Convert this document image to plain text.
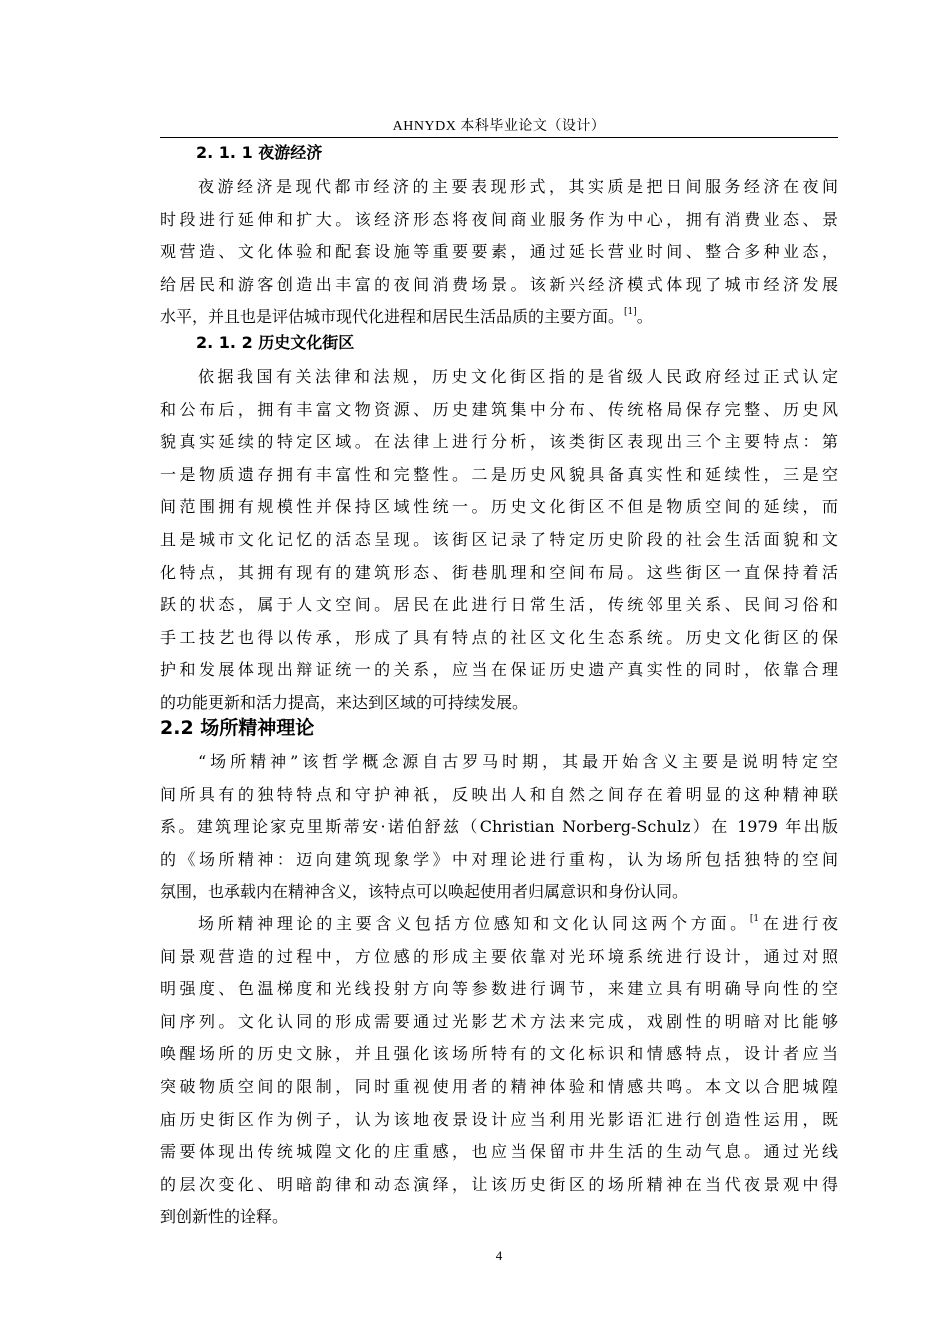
AHNYDX 本科毕业论文（设计）
2. 1. 1 夜游经济
夜游经济是现代都市经济的主要表现形式，其实质是把日间服务经济在夜间
时段进行延伸和扩大。该经济形态将夜间商业服务作为中心，拥有消费业态、景
观营造、文化体验和配套设施等重要要素，通过延长营业时间、整合多种业态，
给居民和游客创造出丰富的夜间消费场景。该新兴经济模式体现了城市经济发展
水平，并且也是评估城市现代化进程和居民生活品质的主要方面。[1]。
2. 1. 2 历史文化街区
依据我国有关法律和法规，历史文化街区指的是省级人民政府经过正式认定
和公布后，拥有丰富文物资源、历史建筑集中分布、传统格局保存完整、历史风
貌真实延续的特定区域。在法律上进行分析，该类街区表现出三个主要特点：第
一是物质遗存拥有丰富性和完整性。二是历史风貌具备真实性和延续性，三是空
间范围拥有规模性并保持区域性统一。历史文化街区不但是物质空间的延续，而
且是城市文化记忆的活态呈现。该街区记录了特定历史阶段的社会生活面貌和文
化特点，其拥有现有的建筑形态、街巷肌理和空间布局。这些街区一直保持着活
跃的状态，属于人文空间。居民在此进行日常生活，传统邻里关系、民间习俗和
手工技艺也得以传承，形成了具有特点的社区文化生态系统。历史文化街区的保
护和发展体现出辩证统一的关系，应当在保证历史遗产真实性的同时，依靠合理
的功能更新和活力提高，来达到区域的可持续发展。
2.2 场所精神理论
“场所精神”该哲学概念源自古罗马时期，其最开始含义主要是说明特定空
间所具有的独特特点和守护神祇，反映出人和自然之间存在着明显的这种精神联
系。建筑理论家克里斯蒂安·诺伯舒兹（Christian Norberg-Schulz）在 1979 年出版
的《场所精神：迈向建筑现象学》中对理论进行重构，认为场所包括独特的空间
氛围，也承载内在精神含义，该特点可以唤起使用者归属意识和身份认同。
场所精神理论的主要含义包括方位感知和文化认同这两个方面。$^{[1}$在进行夜
间景观营造的过程中，方位感的形成主要依靠对光环境系统进行设计，通过对照
明强度、色温梯度和光线投射方向等参数进行调节，来建立具有明确导向性的空
间序列。文化认同的形成需要通过光影艺术方法来完成，戏剧性的明暗对比能够
唤醒场所的历史文脉，并且强化该场所特有的文化标识和情感特点，设计者应当
突破物质空间的限制，同时重视使用者的精神体验和情感共鸣。本文以合肥城隍
庙历史街区作为例子，认为该地夜景设计应当利用光影语汇进行创造性运用，既
需要体现出传统城隍文化的庄重感，也应当保留市井生活的生动气息。通过光线
的层次变化、明暗韵律和动态演绎，让该历史街区的场所精神在当代夜景观中得
到创新性的诠释。
4
